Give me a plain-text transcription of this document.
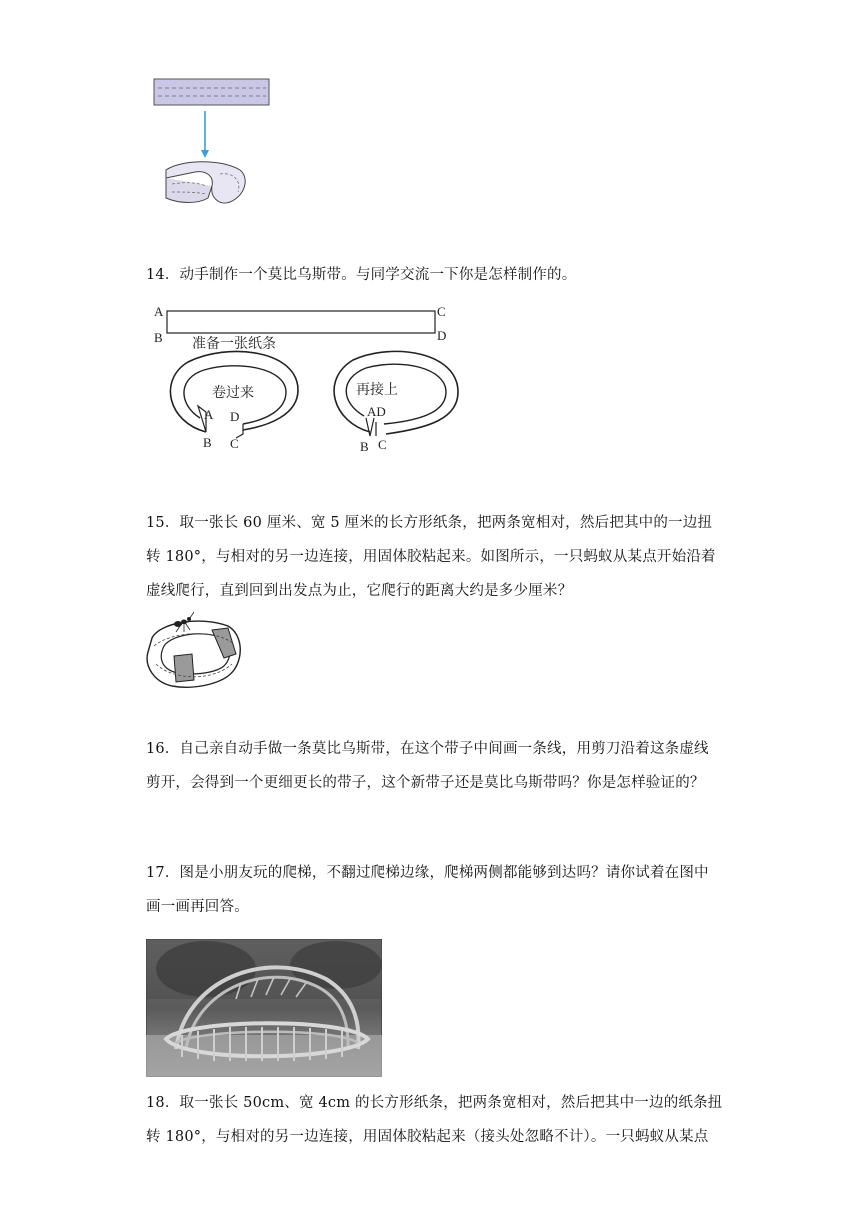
14．动手制作一个莫比乌斯带。与同学交流一下你是怎样制作的。
A
B
C
D
准备一张纸条
卷过来
A D
B C
再接上
AD
B C
15．取一张长 60 厘米、宽 5 厘米的长方形纸条，把两条宽相对，然后把其中的一边扭
转 180°，与相对的另一边连接，用固体胶粘起来。如图所示，一只蚂蚁从某点开始沿着
虚线爬行，直到回到出发点为止，它爬行的距离大约是多少厘米？
16．自己亲自动手做一条莫比乌斯带，在这个带子中间画一条线，用剪刀沿着这条虚线
剪开，会得到一个更细更长的带子，这个新带子还是莫比乌斯带吗？你是怎样验证的？
17．图是小朋友玩的爬梯，不翻过爬梯边缘，爬梯两侧都能够到达吗？请你试着在图中
画一画再回答。
18．取一张长 50cm、宽 4cm 的长方形纸条，把两条宽相对，然后把其中一边的纸条扭
转 180°，与相对的另一边连接，用固体胶粘起来（接头处忽略不计）。一只蚂蚁从某点
